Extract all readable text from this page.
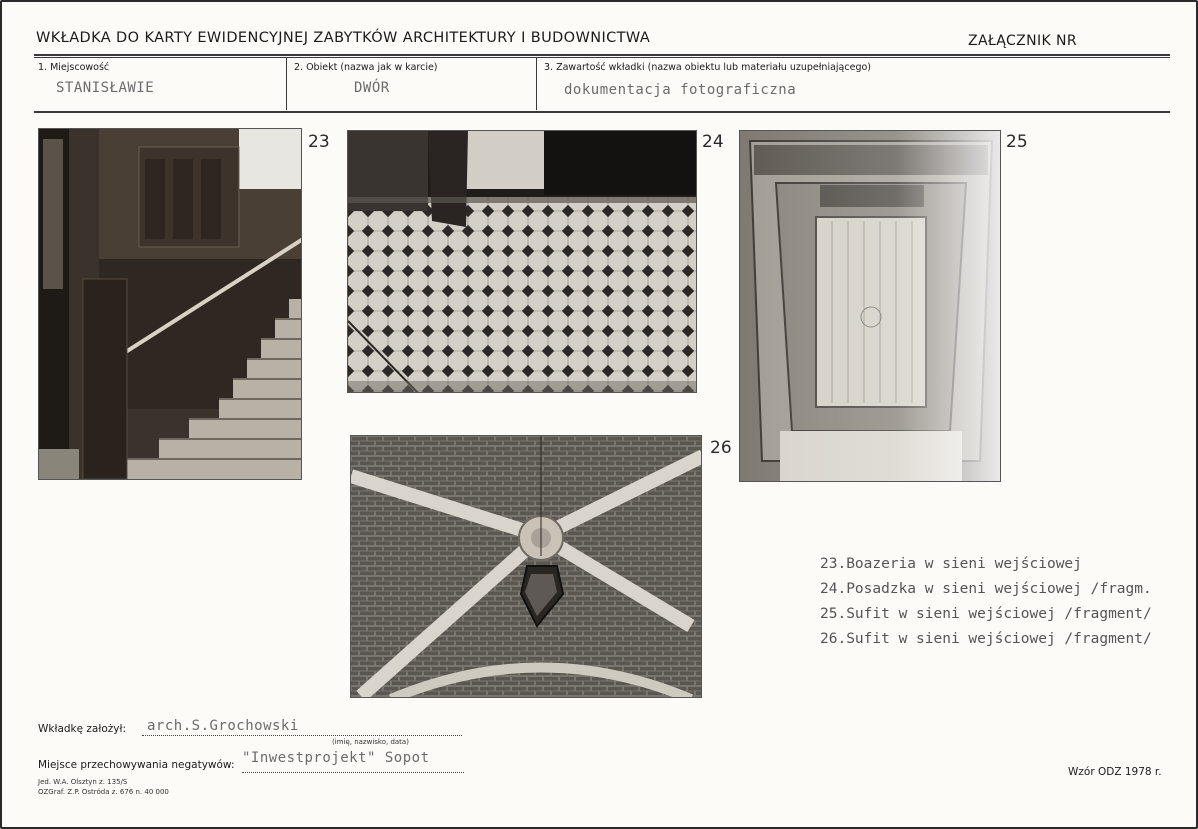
WKŁADKA DO KARTY EWIDENCYJNEJ ZABYTKÓW ARCHITEKTURY I BUDOWNICTWA	ZAŁĄCZNIK NR
1. Miejscowość
STANISŁAWIE
2. Obiekt (nazwa jak w karcie)
DWÓR
3. Zawartość wkładki (nazwa obiektu lub materiału uzupełniającego)
dokumentacja fotograficzna
23	24	25
26
23.Boazeria w sieni wejściowej
24.Posadzka w sieni wejściowej /fragm.
25.Sufit w sieni wejściowej /fragment/
26.Sufit w sieni wejściowej /fragment/
Wkładkę założył: arch.S.Grochowski
(imię, nazwisko, data)
Miejsce przechowywania negatywów: "Inwestprojekt" Sopot
Jed. W.A. Olsztyn z. 135/S
OZGraf. Z.P. Ostróda z. 676 n. 40 000
Wzór ODZ 1978 r.
